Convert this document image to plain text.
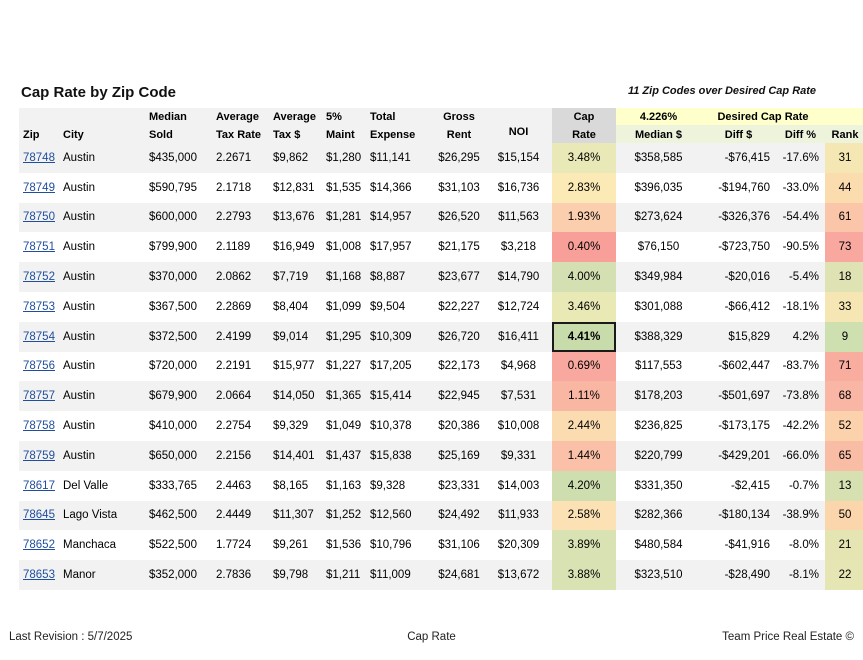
Cap Rate by Zip Code	11 Zip Codes over Desired Cap Rate
		Median	Average	Average	5%	Total	Gross		Cap	4.226%	Desired Cap Rate		
Zip	City	Sold	Tax Rate	Tax $	Maint	Expense	Rent	NOI	Rate	Median $	Diff $	Diff %	Rank
78748	Austin	$435,000	2.2671	$9,862	$1,280	$11,141	$26,295	$15,154	3.48%	$358,585	-$76,415	-17.6%	31
78749	Austin	$590,795	2.1718	$12,831	$1,535	$14,366	$31,103	$16,736	2.83%	$396,035	-$194,760	-33.0%	44
78750	Austin	$600,000	2.2793	$13,676	$1,281	$14,957	$26,520	$11,563	1.93%	$273,624	-$326,376	-54.4%	61
78751	Austin	$799,900	2.1189	$16,949	$1,008	$17,957	$21,175	$3,218	0.40%	$76,150	-$723,750	-90.5%	73
78752	Austin	$370,000	2.0862	$7,719	$1,168	$8,887	$23,677	$14,790	4.00%	$349,984	-$20,016	-5.4%	18
78753	Austin	$367,500	2.2869	$8,404	$1,099	$9,504	$22,227	$12,724	3.46%	$301,088	-$66,412	-18.1%	33
78754	Austin	$372,500	2.4199	$9,014	$1,295	$10,309	$26,720	$16,411	4.41%	$388,329	$15,829	4.2%	9
78756	Austin	$720,000	2.2191	$15,977	$1,227	$17,205	$22,173	$4,968	0.69%	$117,553	-$602,447	-83.7%	71
78757	Austin	$679,900	2.0664	$14,050	$1,365	$15,414	$22,945	$7,531	1.11%	$178,203	-$501,697	-73.8%	68
78758	Austin	$410,000	2.2754	$9,329	$1,049	$10,378	$20,386	$10,008	2.44%	$236,825	-$173,175	-42.2%	52
78759	Austin	$650,000	2.2156	$14,401	$1,437	$15,838	$25,169	$9,331	1.44%	$220,799	-$429,201	-66.0%	65
78617	Del Valle	$333,765	2.4463	$8,165	$1,163	$9,328	$23,331	$14,003	4.20%	$331,350	-$2,415	-0.7%	13
78645	Lago Vista	$462,500	2.4449	$11,307	$1,252	$12,560	$24,492	$11,933	2.58%	$282,366	-$180,134	-38.9%	50
78652	Manchaca	$522,500	1.7724	$9,261	$1,536	$10,796	$31,106	$20,309	3.89%	$480,584	-$41,916	-8.0%	21
78653	Manor	$352,000	2.7836	$9,798	$1,211	$11,009	$24,681	$13,672	3.88%	$323,510	-$28,490	-8.1%	22
Last Revision : 5/7/2025	Cap Rate	Team Price Real Estate ©
